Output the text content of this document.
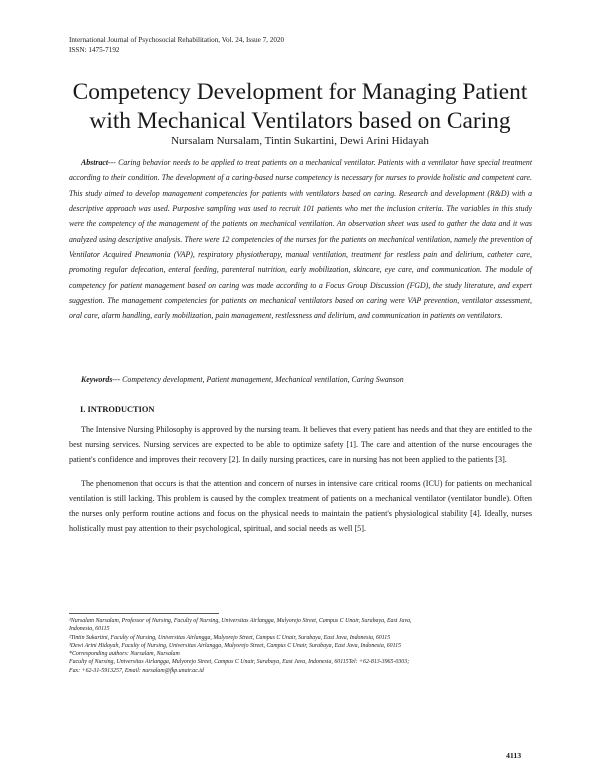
International Journal of Psychosocial Rehabilitation, Vol. 24, Issue 7, 2020
ISSN: 1475-7192
Competency Development for Managing Patient
with Mechanical Ventilators based on Caring
Nursalam Nursalam, Tintin Sukartini, Dewi Arini Hidayah
Abstract--- Caring behavior needs to be applied to treat patients on a mechanical ventilator. Patients with a ventilator have special treatment according to their condition. The development of a caring-based nurse competency is necessary for nurses to provide holistic and competent care. This study aimed to develop management competencies for patients with ventilators based on caring. Research and development (R&D) with a descriptive approach was used. Purposive sampling was used to recruit 101 patients who met the inclusion criteria. The variables in this study were the competency of the management of the patients on mechanical ventilation. An observation sheet was used to gather the data and it was analyzed using descriptive analysis. There were 12 competencies of the nurses for the patients on mechanical ventilation, namely the prevention of Ventilator Acquired Pneumonia (VAP), respiratory physiotherapy, manual ventilation, treatment for restless pain and delirium, catheter care, promoting regular defecation, enteral feeding, parenteral nutrition, early mobilization, skincare, eye care, and communication. The module of competency for patient management based on caring was made according to a Focus Group Discussion (FGD), the study literature, and expert suggestion. The management competencies for patients on mechanical ventilators based on caring were VAP prevention, ventilator assessment, oral care, alarm handling, early mobilization, pain management, restlessness and delirium, and communication in patients on ventilators.
Keywords--- Competency development, Patient management, Mechanical ventilation, Caring Swanson
I. INTRODUCTION

The Intensive Nursing Philosophy is approved by the nursing team. It believes that every patient has needs and that they are entitled to the best nursing services. Nursing services are expected to be able to optimize safety [1]. The care and attention of the nurse encourages the patient's confidence and improves their recovery [2]. In daily nursing practices, care in nursing has not been applied to the patients [3].

The phenomenon that occurs is that the attention and concern of nurses in intensive care critical rooms (ICU) for patients on mechanical ventilation is still lacking. This problem is caused by the complex treatment of patients on a mechanical ventilator (ventilator bundle). Often the nurses only perform routine actions and focus on the physical needs to maintain the patient's physiological stability [4]. Ideally, nurses holistically must pay attention to their psychological, spiritual, and social needs as well [5].

¹Nursalam Nursalam, Professor of Nursing, Faculty of Nursing, Universitas Airlangga, Mulyorejo Street, Campus C Unair, Surabaya, East Java,
Indonesia, 60115
²Tintin Sukartini, Faculty of Nursing, Universitas Airlangga, Mulyorejo Street, Campus C Unair, Surabaya, East Java, Indonesia, 60115
³Dewi Arini Hidayah, Faculty of Nursing, Universitas Airlangga, Mulyorejo Street, Campus C Unair, Surabaya, East Java, Indonesia, 60115
*Corresponding authors: Nursalam, Nursalam
Faculty of Nursing, Universitas Airlangga, Mulyorejo Street, Campus C Unair, Surabaya, East Java, Indonesia, 60115Tel: +62-813-3965-0303;
Fax: +62-31-5913257, Email: nursalam@fkp.unair.ac.id
4113
